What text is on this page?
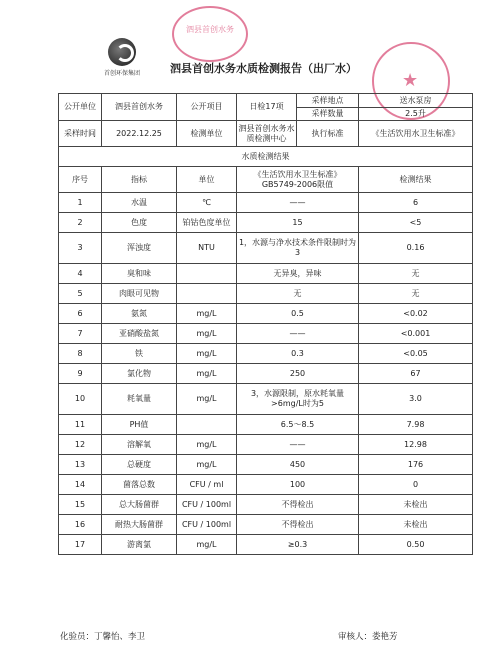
首创环保集团
泗县首创水务
★
泗县首创水务水质检测报告（出厂水）
公开单位	泗县首创水务	公开项目	日检17项	采样地点	送水泵房
				采样数量	2.5升
采样时间	2022.12.25	检测单位	泗县首创水务水质检测中心	执行标准	《生活饮用水卫生标准》
水质检测结果					
序号	指标	单位	《生活饮用水卫生标准》GB5749-2006限值		检测结果
1	水温	℃	——		6
2	色度	铂钴色度单位	15		<5
3	浑浊度	NTU	1，水源与净水技术条件限制时为3		0.16
4	臭和味		无异臭，异味		无
5	肉眼可见物		无		无
6	氨氮	mg/L	0.5		<0.02
7	亚硝酸盐氮	mg/L	——		<0.001
8	铁	mg/L	0.3		<0.05
9	氯化物	mg/L	250		67
10	耗氧量	mg/L	3，水源限制，原水耗氧量>6mg/L时为5		3.0
11	PH值		6.5～8.5		7.98
12	溶解氧	mg/L	——		12.98
13	总硬度	mg/L	450		176
14	菌落总数	CFU / ml	100		0
15	总大肠菌群	CFU / 100ml	不得检出		未检出
16	耐热大肠菌群	CFU / 100ml	不得检出		未检出
17	游离氯	mg/L	≥0.3		0.50
化验员：丁馨怡、李卫	审核人：娄艳芳
